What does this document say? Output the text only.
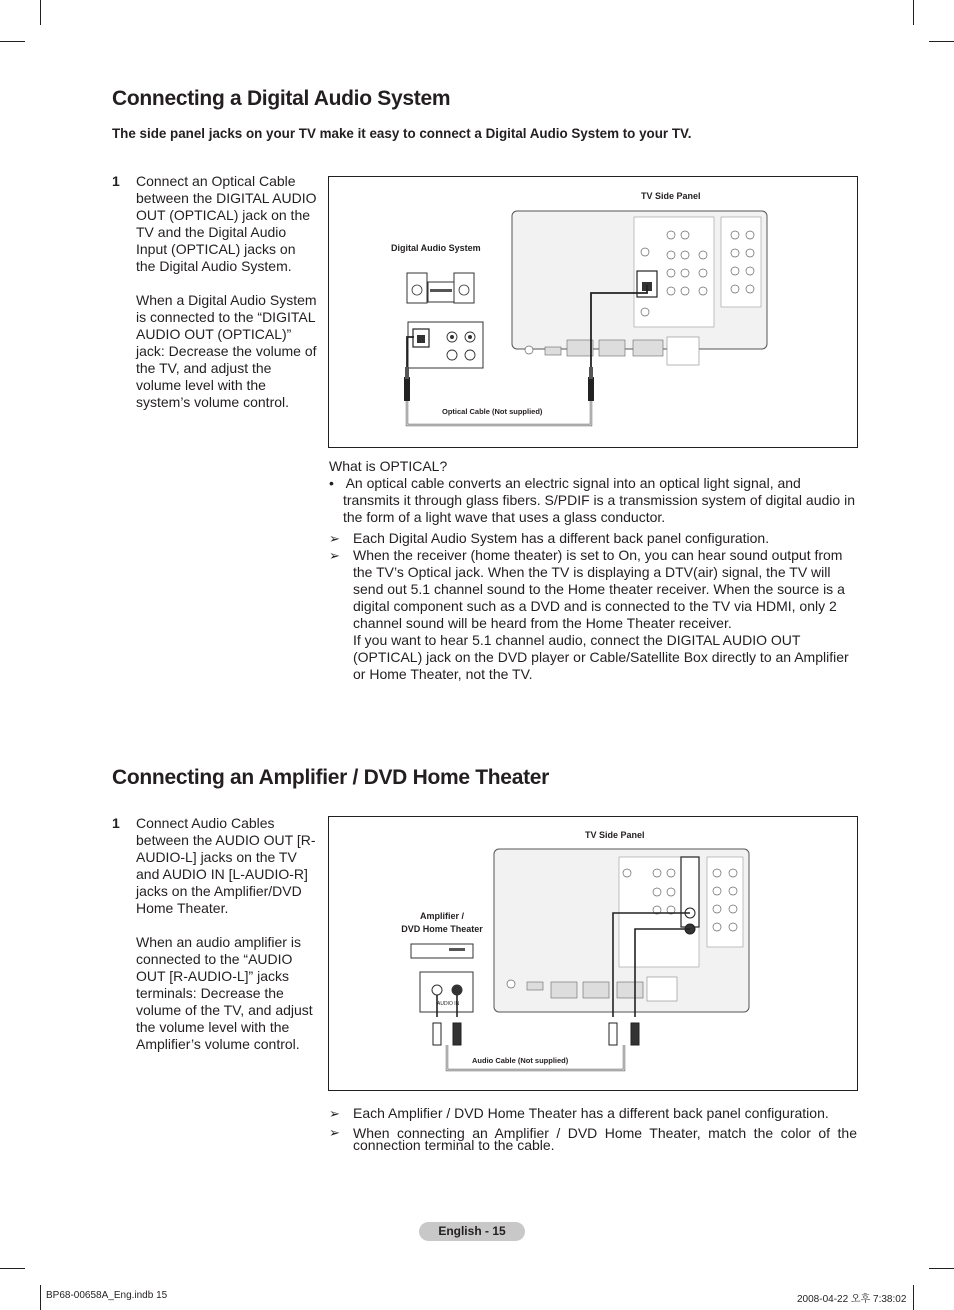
Connecting a Digital Audio System
The side panel jacks on your TV make it easy to connect a Digital Audio System to your TV.
1 Connect an Optical Cable between the DIGITAL AUDIO OUT (OPTICAL) jack on the TV and the Digital Audio Input (OPTICAL) jacks on the Digital Audio System.

When a Digital Audio System is connected to the “DIGITAL AUDIO OUT (OPTICAL)” jack: Decrease the volume of the TV, and adjust the volume level with the system’s volume control.

TV Side Panel
Digital Audio System
Optical Cable (Not supplied)

What is OPTICAL?

• An optical cable converts an electric signal into an optical light signal, and transmits it through glass fibers. S/PDIF is a transmission system of digital audio in the form of a light wave that uses a glass conductor.

➢ Each Digital Audio System has a different back panel configuration.

➢ When the receiver (home theater) is set to On, you can hear sound output from the TV’s Optical jack. When the TV is displaying a DTV(air) signal, the TV will send out 5.1 channel sound to the Home theater receiver. When the source is a digital component such as a DVD and is connected to the TV via HDMI, only 2 channel sound will be heard from the Home Theater receiver.

If you want to hear 5.1 channel audio, connect the DIGITAL AUDIO OUT (OPTICAL) jack on the DVD player or Cable/Satellite Box directly to an Amplifier or Home Theater, not the TV.

Connecting an Amplifier / DVD Home Theater
1 Connect Audio Cables between the AUDIO OUT [R-AUDIO-L] jacks on the TV and AUDIO IN [L-AUDIO-R] jacks on the Amplifier/DVD Home Theater.

When an audio amplifier is connected to the “AUDIO OUT [R-AUDIO-L]” jacks terminals: Decrease the volume of the TV, and adjust the volume level with the Amplifier’s volume control.

TV Side Panel
Amplifier /
DVD Home Theater
AUDIO IN
Audio Cable (Not supplied)

➢ Each Amplifier / DVD Home Theater has a different back panel configuration.

➢ When connecting an Amplifier / DVD Home Theater, match the color of the connection terminal to the cable.

English - 15
BP68-00658A_Eng.indb 15	2008-04-22 오후 7:38:02
